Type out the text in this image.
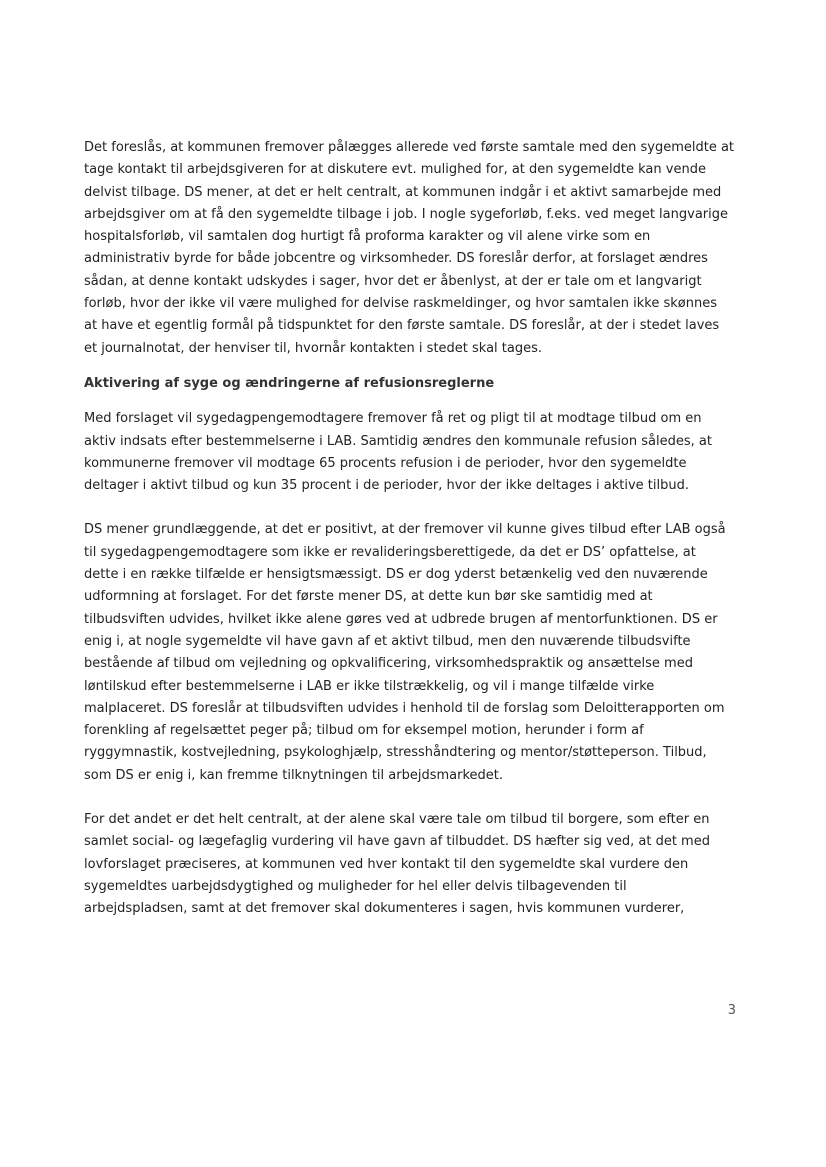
Det foreslås, at kommunen fremover pålægges allerede ved første samtale med den sygemeldte at tage kontakt til arbejdsgiveren for at diskutere evt. mulighed for, at den sygemeldte kan vende delvist tilbage. DS mener, at det er helt centralt, at kommunen indgår i et aktivt samarbejde med arbejdsgiver om at få den sygemeldte tilbage i job. I nogle sygeforløb, f.eks. ved meget langvarige hospitalsforløb, vil samtalen dog hurtigt få proforma karakter og vil alene virke som en administrativ byrde for både jobcentre og virksomheder. DS foreslår derfor, at forslaget ændres sådan, at denne kontakt udskydes i sager, hvor det er åbenlyst, at der er tale om et langvarigt forløb, hvor der ikke vil være mulighed for delvise raskmeldinger, og hvor samtalen ikke skønnes at have et egentlig formål på tidspunktet for den første samtale. DS foreslår, at der i stedet laves et journalnotat, der henviser til, hvornår kontakten i stedet skal tages.

Aktivering af syge og ændringerne af refusionsreglerne

Med forslaget vil sygedagpengemodtagere fremover få ret og pligt til at modtage tilbud om en aktiv indsats efter bestemmelserne i LAB. Samtidig ændres den kommunale refusion således, at kommunerne fremover vil modtage 65 procents refusion i de perioder, hvor den sygemeldte deltager i aktivt tilbud og kun 35 procent i de perioder, hvor der ikke deltages i aktive tilbud.

DS mener grundlæggende, at det er positivt, at der fremover vil kunne gives tilbud efter LAB også til sygedagpengemodtagere som ikke er revalideringsberettigede, da det er DS’ opfattelse, at dette i en række tilfælde er hensigtsmæssigt. DS er dog yderst betænkelig ved den nuværende udformning at forslaget. For det første mener DS, at dette kun bør ske samtidig med at tilbudsviften udvides, hvilket ikke alene gøres ved at udbrede brugen af mentorfunktionen. DS er enig i, at nogle sygemeldte vil have gavn af et aktivt tilbud, men den nuværende tilbudsvifte bestående af tilbud om vejledning og opkvalificering, virksomhedspraktik og ansættelse med løntilskud efter bestemmelserne i LAB er ikke tilstrækkelig, og vil i mange tilfælde virke malplaceret. DS foreslår at tilbudsviften udvides i henhold til de forslag som Deloitterapporten om forenkling af regelsættet peger på; tilbud om for eksempel motion, herunder i form af ryggymnastik, kostvejledning, psykologhjælp, stresshåndtering og mentor/støtteperson. Tilbud, som DS er enig i, kan fremme tilknytningen til arbejdsmarkedet.

For det andet er det helt centralt, at der alene skal være tale om tilbud til borgere, som efter en samlet social- og lægefaglig vurdering vil have gavn af tilbuddet. DS hæfter sig ved, at det med lovforslaget præciseres, at kommunen ved hver kontakt til den sygemeldte skal vurdere den sygemeldtes uarbejdsdygtighed og muligheder for hel eller delvis tilbagevenden til arbejdspladsen, samt at det fremover skal dokumenteres i sagen, hvis kommunen vurderer,

3
